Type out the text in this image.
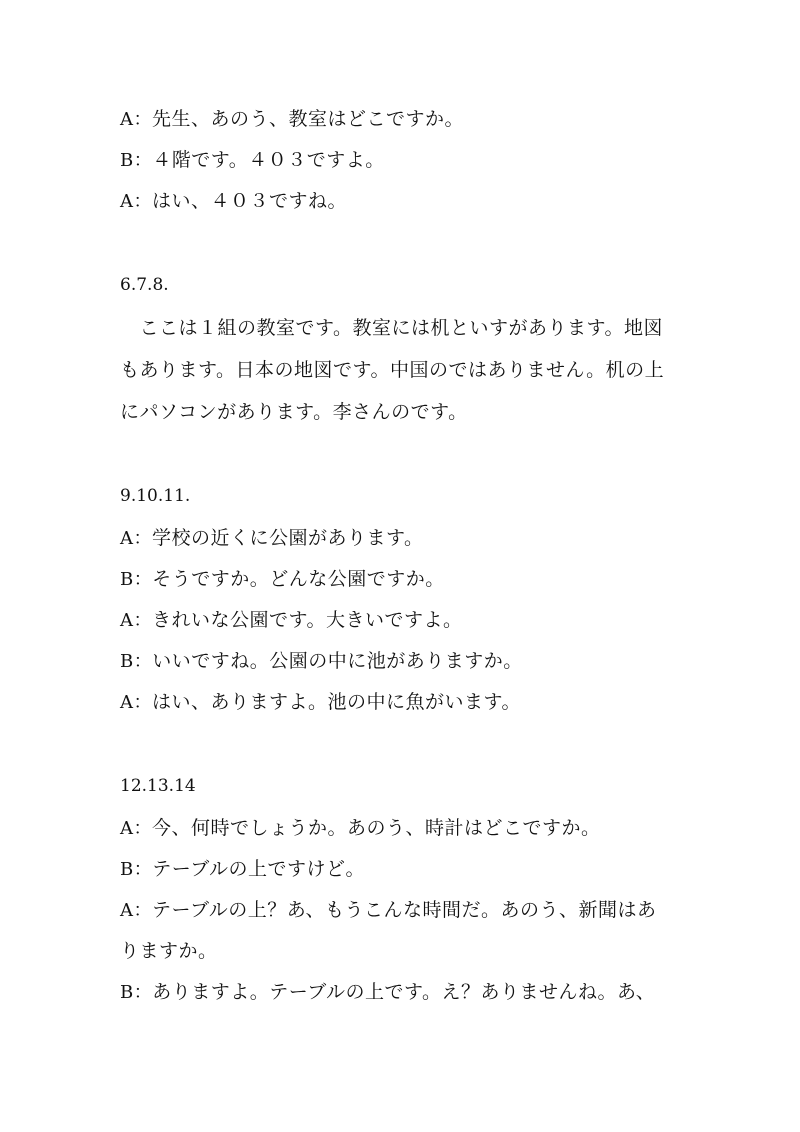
A：先生、あのう、教室はどこですか。
B：４階です。４０３ですよ。
A：はい、４０３ですね。
6.7.8.
　ここは１組の教室です。教室には机といすがあります。地図
もあります。日本の地図です。中国のではありません。机の上
にパソコンがあります。李さんのです。
9.10.11.
A：学校の近くに公園があります。
B：そうですか。どんな公園ですか。
A：きれいな公園です。大きいですよ。
B：いいですね。公園の中に池がありますか。
A：はい、ありますよ。池の中に魚がいます。
12.13.14
A：今、何時でしょうか。あのう、時計はどこですか。
B：テーブルの上ですけど。
A：テーブルの上？あ、もうこんな時間だ。あのう、新聞はあ
りますか。
B：ありますよ。テーブルの上です。え？ありませんね。あ、
